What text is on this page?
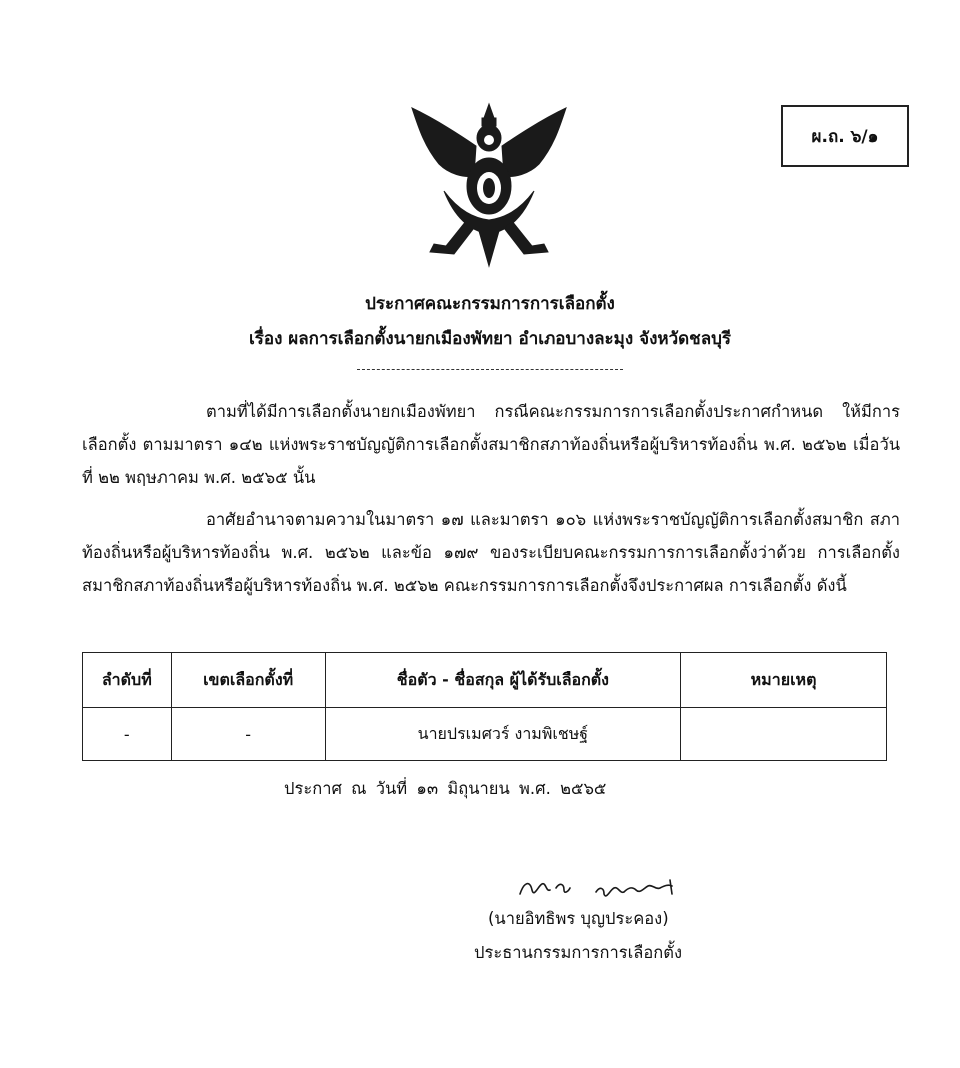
ผ.ถ. ๖/๑
ประกาศคณะกรรมการการเลือกตั้ง
เรื่อง ผลการเลือกตั้งนายกเมืองพัทยา อำเภอบางละมุง จังหวัดชลบุรี
ตามที่ได้มีการเลือกตั้งนายกเมืองพัทยา กรณีคณะกรรมการการเลือกตั้งประกาศกำหนด ให้มีการเลือกตั้ง ตามมาตรา ๑๔๒ แห่งพระราชบัญญัติการเลือกตั้งสมาชิกสภาท้องถิ่นหรือผู้บริหารท้องถิ่น พ.ศ. ๒๕๖๒ เมื่อวันที่ ๒๒ พฤษภาคม พ.ศ. ๒๕๖๕ นั้น
อาศัยอำนาจตามความในมาตรา ๑๗ และมาตรา ๑๐๖ แห่งพระราชบัญญัติการเลือกตั้งสมาชิก สภาท้องถิ่นหรือผู้บริหารท้องถิ่น พ.ศ. ๒๕๖๒ และข้อ ๑๗๙ ของระเบียบคณะกรรมการการเลือกตั้งว่าด้วย การเลือกตั้งสมาชิกสภาท้องถิ่นหรือผู้บริหารท้องถิ่น พ.ศ. ๒๕๖๒ คณะกรรมการการเลือกตั้งจึงประกาศผล การเลือกตั้ง ดังนี้
ลำดับที่	เขตเลือกตั้งที่	ชื่อตัว - ชื่อสกุล ผู้ได้รับเลือกตั้ง	หมายเหตุ
-	-	นายปรเมศวร์ งามพิเชษฐ์	
ประกาศ ณ วันที่ ๑๓ มิถุนายน พ.ศ. ๒๕๖๕
(นายอิทธิพร บุญประคอง)
ประธานกรรมการการเลือกตั้ง
